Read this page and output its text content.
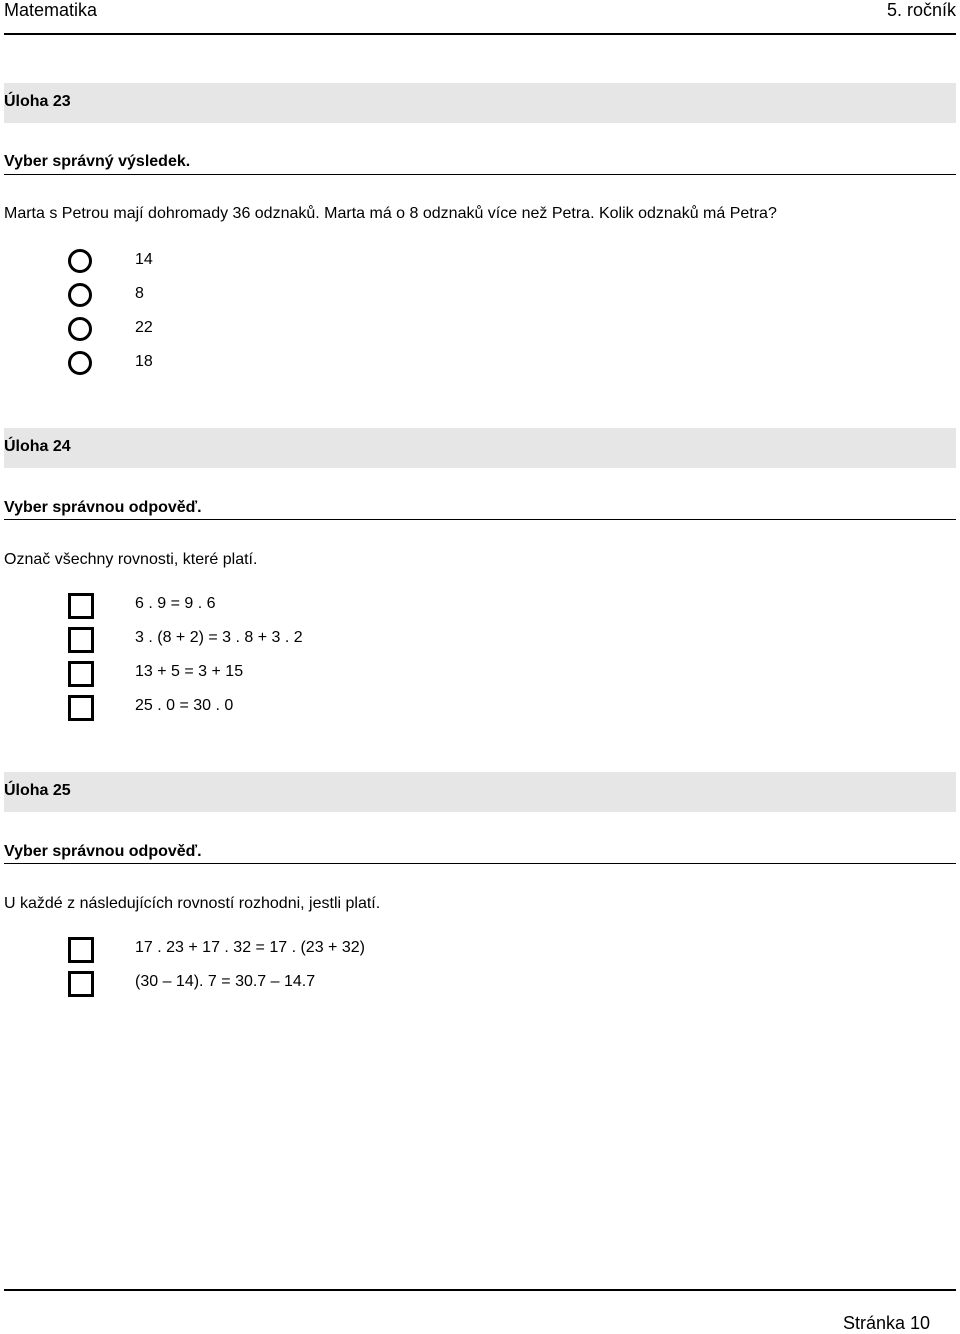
Matematika	5. ročník
Úloha 23
Vyber správný výsledek.
Marta s Petrou mají dohromady 36 odznaků. Marta má o 8 odznaků více než Petra. Kolik odznaků má Petra?
14
8
22
18
Úloha 24
Vyber správnou odpověď.
Označ všechny rovnosti, které platí.
6 . 9 = 9 . 6
3 . (8 + 2) = 3 . 8 + 3 . 2
13 + 5 = 3 + 15
25 . 0 = 30 . 0
Úloha 25
Vyber správnou odpověď.
U každé z následujících rovností rozhodni, jestli platí.
17 . 23 + 17 . 32 = 17 . (23 + 32)
(30 – 14). 7 = 30.7 – 14.7
Stránka 10
